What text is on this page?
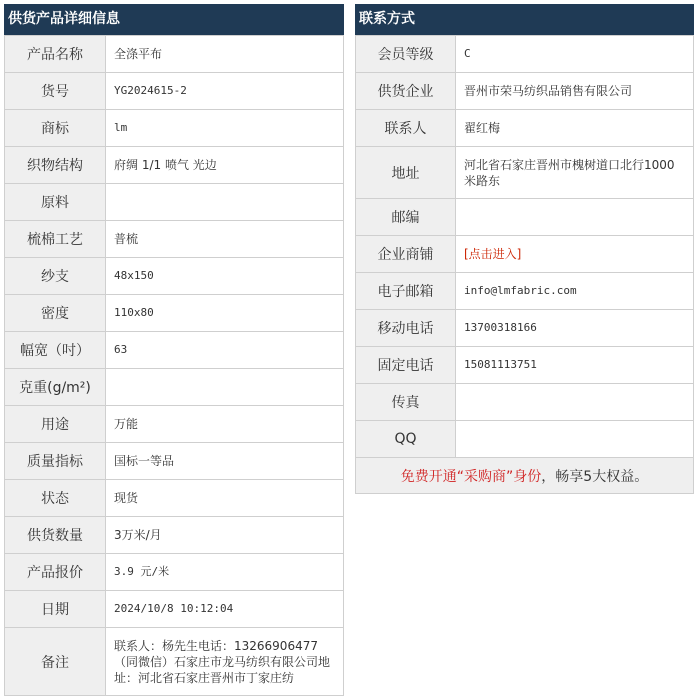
供货产品详细信息
产品名称	全涤平布
货号	YG2024615-2
商标	lm
织物结构	府绸 1/1 喷气 光边
原料	
梳棉工艺	普梳
纱支	48x150
密度	110x80
幅宽（吋）	63
克重(g/m²)	
用途	万能
质量指标	国标一等品
状态	现货
供货数量	3万米/月
产品报价	3.9 元/米
日期	2024/10/8 10:12:04
备注	联系人：杨先生电话：13266906477（同微信）石家庄市龙马纺织有限公司地址：河北省石家庄晋州市丁家庄纺
联系方式
会员等级	C
供货企业	晋州市荣马纺织品销售有限公司
联系人	翟红梅
地址	河北省石家庄晋州市槐树道口北行1000米路东
邮编	
企业商铺	[点击进入]
电子邮箱	info@lmfabric.com
移动电话	13700318166
固定电话	15081113751
传真	
QQ	
免费开通“采购商”身份，畅享5大权益。	
